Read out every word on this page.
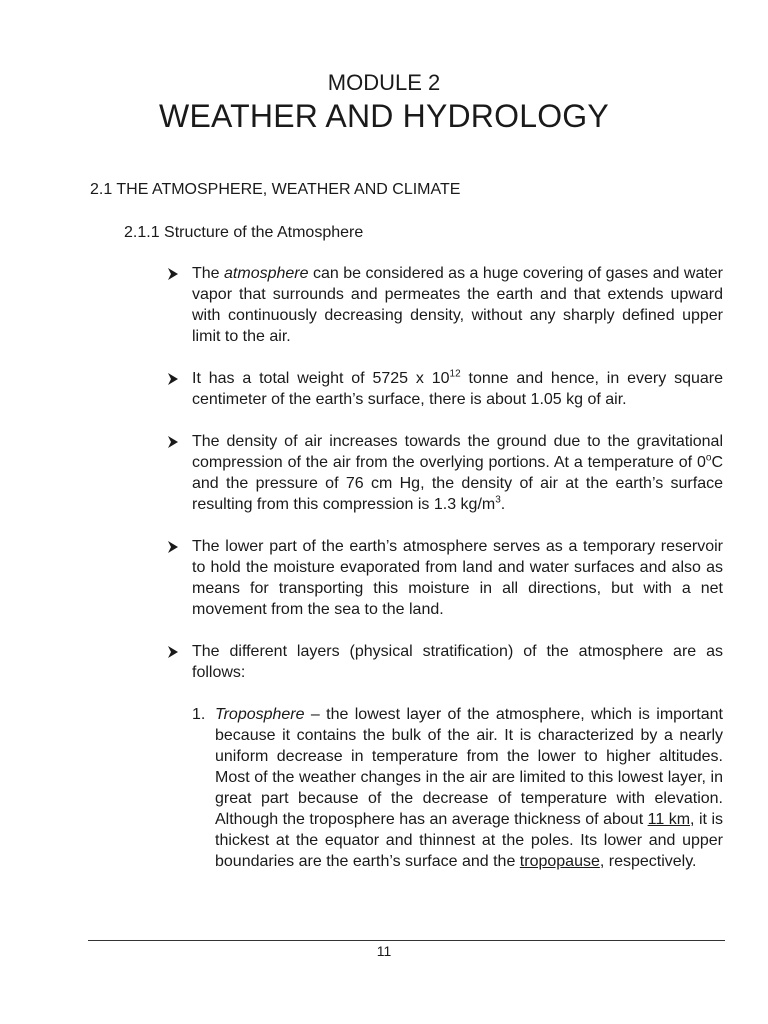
MODULE 2
WEATHER AND HYDROLOGY
2.1 THE ATMOSPHERE, WEATHER AND CLIMATE
2.1.1 Structure of the Atmosphere
The atmosphere can be considered as a huge covering of gases and water vapor that surrounds and permeates the earth and that extends upward with continuously decreasing density, without any sharply defined upper limit to the air.
It has a total weight of 5725 x $10^{12}$ tonne and hence, in every square centimeter of the earth’s surface, there is about 1.05 kg of air.
The density of air increases towards the ground due to the gravitational compression of the air from the overlying portions. At a temperature of 0$^o$C and the pressure of 76 cm Hg, the density of air at the earth’s surface resulting from this compression is 1.3 $kg/m^3$.
The lower part of the earth’s atmosphere serves as a temporary reservoir to hold the moisture evaporated from land and water surfaces and also as means for transporting this moisture in all directions, but with a net movement from the sea to the land.
The different layers (physical stratification) of the atmosphere are as follows:
1. Troposphere – the lowest layer of the atmosphere, which is important because it contains the bulk of the air. It is characterized by a nearly uniform decrease in temperature from the lower to higher altitudes. Most of the weather changes in the air are limited to this lowest layer, in great part because of the decrease of temperature with elevation. Although the troposphere has an average thickness of about 11 km, it is thickest at the equator and thinnest at the poles. Its lower and upper boundaries are the earth’s surface and the tropopause, respectively.
11
